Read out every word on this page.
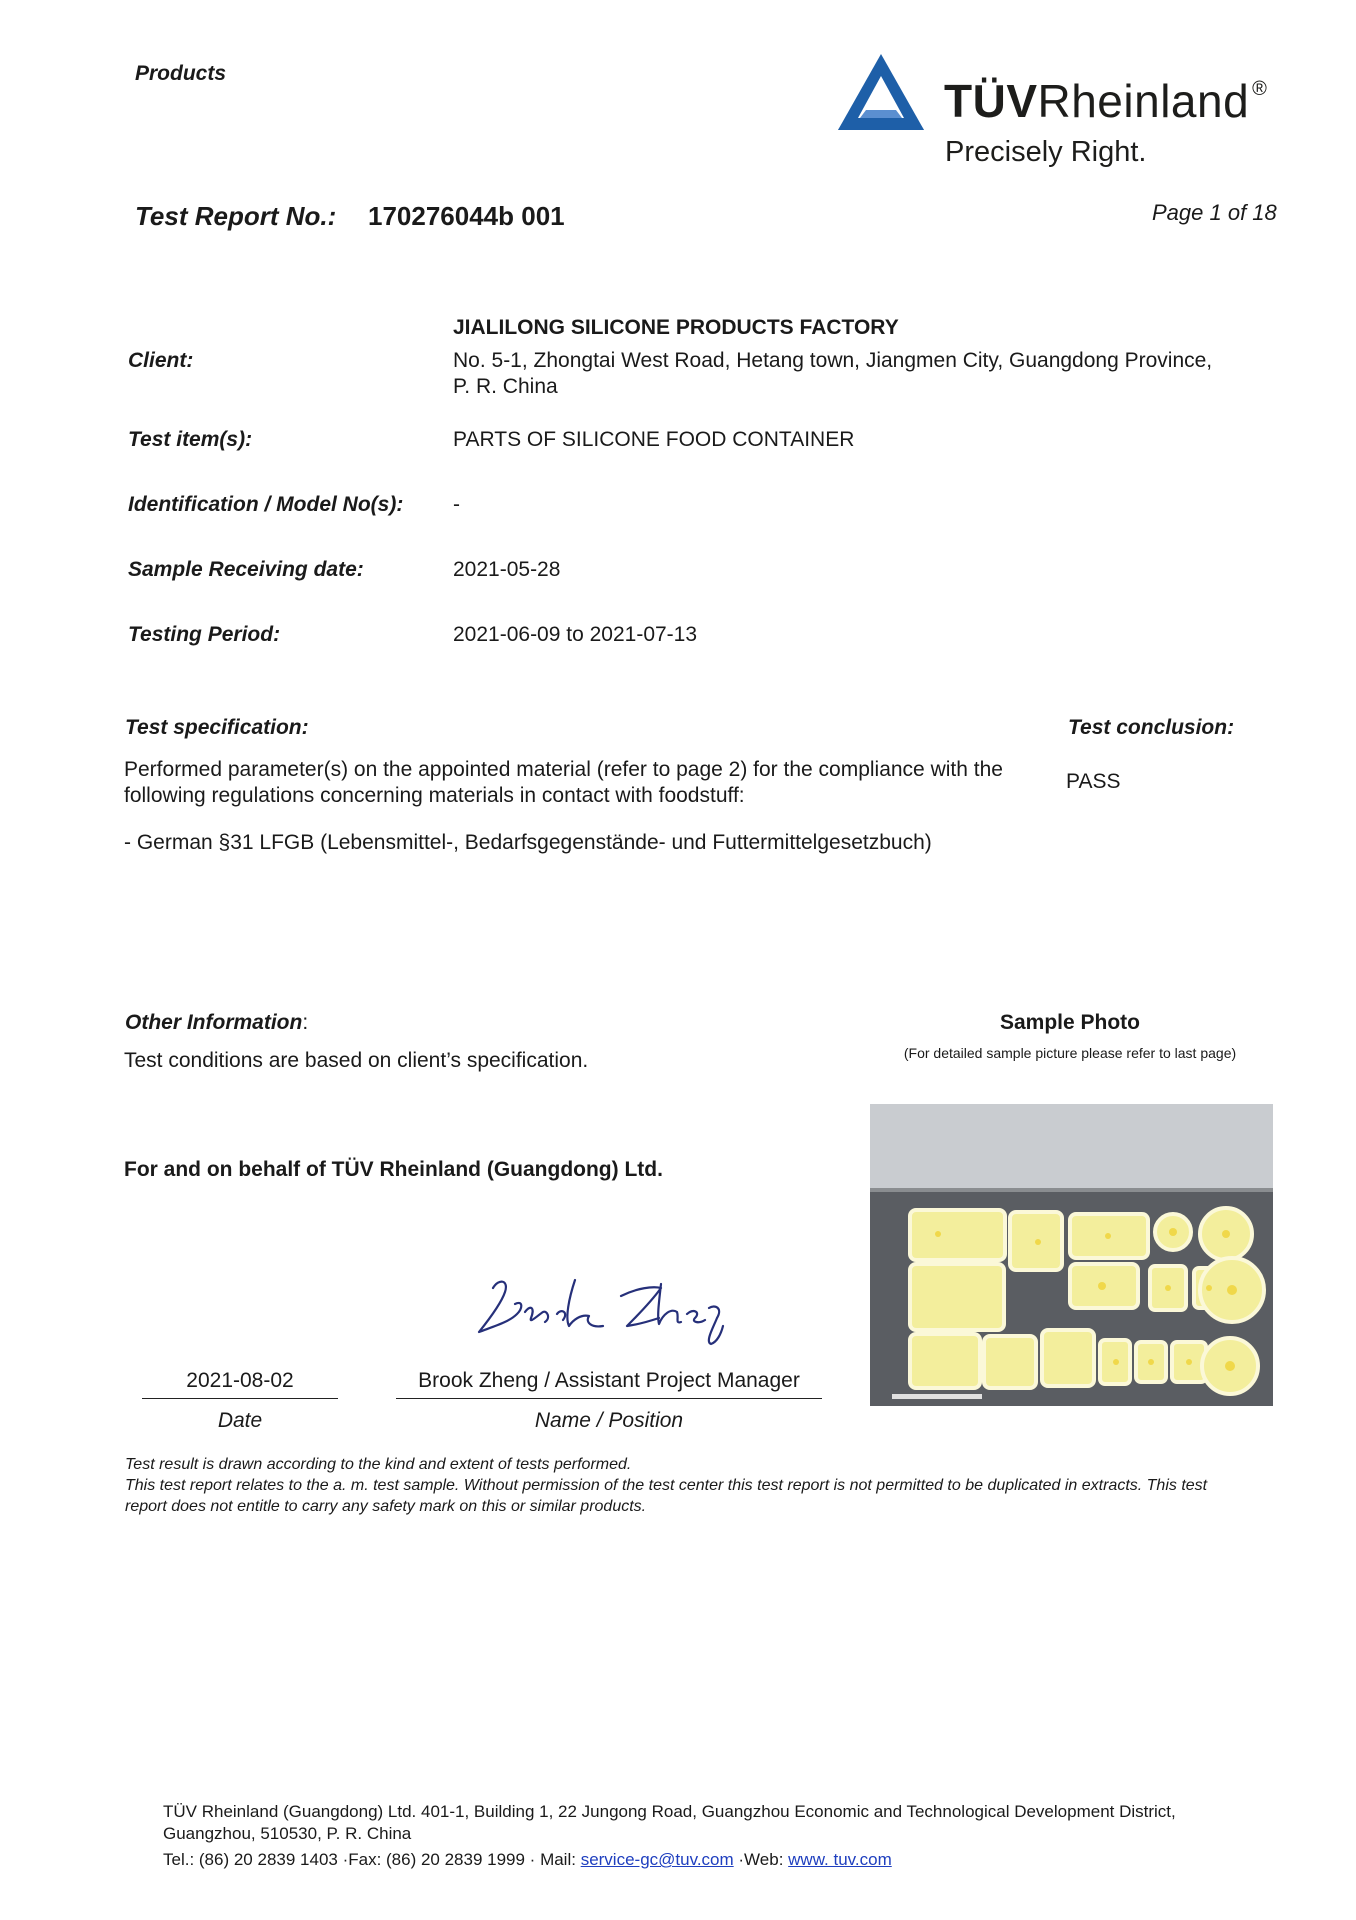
Products
TÜVRheinland ®
Precisely Right.
Test Report No.: 170276044b 001	Page 1 of 18
JIALILONG SILICONE PRODUCTS FACTORY
Client:	No. 5-1, Zhongtai West Road, Hetang town, Jiangmen City, Guangdong Province, P. R. China
Test item(s):	PARTS OF SILICONE FOOD CONTAINER
Identification / Model No(s): -
Sample Receiving date:	2021-05-28
Testing Period:	2021-06-09 to 2021-07-13
Test specification:	Test conclusion:
Performed parameter(s) on the appointed material (refer to page 2) for the compliance with the following regulations concerning materials in contact with foodstuff:
PASS
- German §31 LFGB (Lebensmittel-, Bedarfsgegenstände- und Futtermittelgesetzbuch)
Other Information:
Test conditions are based on client’s specification.
For and on behalf of TÜV Rheinland (Guangdong) Ltd.
Sample Photo
(For detailed sample picture please refer to last page)
2021-08-02
Date
Brook Zheng / Assistant Project Manager
Name / Position
Test result is drawn according to the kind and extent of tests performed.
This test report relates to the a. m. test sample. Without permission of the test center this test report is not permitted to be duplicated in extracts. This test report does not entitle to carry any safety mark on this or similar products.
TÜV Rheinland (Guangdong) Ltd. 401-1, Building 1, 22 Jungong Road, Guangzhou Economic and Technological Development District, Guangzhou, 510530, P. R. China
Tel.: (86) 20 2839 1403 ·Fax: (86) 20 2839 1999 · Mail: service-gc@tuv.com ·Web: www. tuv.com
